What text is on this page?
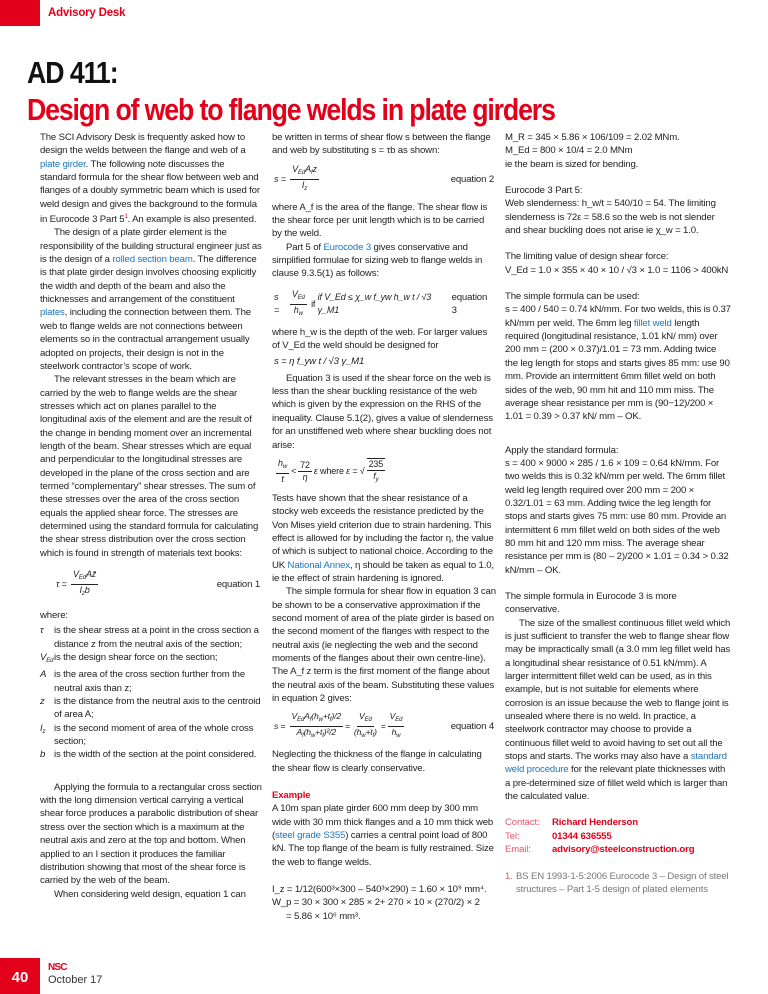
Advisory Desk
AD 411:
Design of web to flange welds in plate girders

The SCI Advisory Desk is frequently asked how to design the welds between the flange and web of a plate girder. The following note discusses the standard formula for the shear flow between web and flanges of a doubly symmetric beam which is used for weld design and gives the background to the formula in Eurocode 3 Part $5^1$. An example is also presented.

The design of a plate girder element is the responsibility of the building structural engineer just as is the design of a rolled section beam. The difference is that plate girder design involves choosing explicitly the width and depth of the beam and also the thicknesses and arrangement of the constituent plates, including the connection between them. The web to flange welds are not connections between elements so in the contractual arrangement usually adopted on projects, their design is not in the steelwork contractor’s scope of work.

The relevant stresses in the beam which are carried by the web to flange welds are the shear stresses which act on planes parallel to the longitudinal axis of the element and are the result of the change in bending moment over an incremental length of the beam. Shear stresses which are equal and perpendicular to the longitudinal stresses are developed in the plane of the cross section and are termed “complementary” shear stresses. The sum of these stresses over the area of the cross section equals the applied shear force. The stresses are determined using the standard formula for calculating the shear stress distribution over the cross section which is found in strength of materials text books:

$\tau = \frac{V_{Ed}Az̄}{I_zb}$	equation 1

where:

τ	is the shear stress at a point in the cross section a distance z from the neutral axis of the section;
$V_{Ed}$ is the design shear force on the section;
A is the area of the cross section further from the neutral axis than z;
z is the distance from the neutral axis to the centroid of area A;
$I_z$ is the second moment of area of the whole cross section;
b is the width of the section at the point considered.

Applying the formula to a rectangular cross section with the long dimension vertical carrying a vertical shear force produces a parabolic distribution of shear stress over the section which is a maximum at the neutral axis and zero at the top and bottom. When applied to an I section it produces the familiar distribution showing that most of the shear force is carried by the web of the beam.

When considering weld design, equation 1 can

be written in terms of shear flow s between the flange and web by substituting s = τb as shown:

$s = \frac{V_{Ed}A_fz}{I_z}$	equation 2

where A_f is the area of the flange. The shear flow is the shear force per unit length which is to be carried by the weld.

Part 5 of Eurocode 3 gives conservative and simplified formulae for sizing web to flange welds in clause 9.3.5(1) as follows:

$s = \frac{V_{Ed}}{h_w}$ if
if V_Ed ≤ χ_w f_yw h_w t / √3 γ_M1
equation 3

where h_w is the depth of the web. For larger values of V_Ed the weld should be designed for

s = η f_yw t / √3 γ_M1

Equation 3 is used if the shear force on the web is less than the shear buckling resistance of the web which is given by the expression on the RHS of the inequality. Clause 5.1(2), gives a value of slenderness for an unstiffened web where shear buckling does not arise:

$\frac{h_w}{t} < \frac{72}{\eta}$ ε where ε = √ $\frac{235}{f_y}$

Tests have shown that the shear resistance of a stocky web exceeds the resistance predicted by the Von Mises yield criterion due to strain hardening. This effect is allowed for by including the factor η, the value of which is subject to national choice. According to the UK National Annex, η should be taken as equal to 1.0, ie the effect of strain hardening is ignored.

The simple formula for shear flow in equation 3 can be shown to be a conservative approximation if the second moment of area of the plate girder is based on the second moment of the flanges with respect to the neutral axis (ie neglecting the web and the second moments of the flanges about their own centre-line). The A_f z term is the first moment of the flange about the neutral axis of the beam. Substituting these values in equation 2 gives:

$s = \frac{V_{Ed}A_f(h_w+t_f)/2}{A_f(h_w+t_f)^2/2} = \frac{V_{Ed}}{(h_w+t_f)} = \frac{V_{Ed}}{h_w}$	equation 4

Neglecting the thickness of the flange in calculating the shear flow is clearly conservative.

Example

A 10m span plate girder 600 mm deep by 300 mm wide with 30 mm thick flanges and a 10 mm thick web (steel grade S355) carries a central point load of 800 kN. The top flange of the beam is fully restrained. Size the web to flange welds.

I_z = 1/12(600³×300 – 540³×290) = 1.60 × 10⁹ mm⁴.

W_p = 30 × 300 × 285 × 2+ 270 × 10 × (270/2) × 2

= 5.86 × 10⁶ mm³.

M_R = 345 × 5.86 × 106/109 = 2.02 MNm.

M_Ed = 800 × 10/4 = 2.0 MNm

ie the beam is sized for bending.

Eurocode 3 Part 5:

Web slenderness: h_w/t = 540/10 = 54. The limiting slenderness is 72ε = 58.6 so the web is not slender and shear buckling does not arise ie χ_w = 1.0.

The limiting value of design shear force:

V_Ed = 1.0 × 355 × 40 × 10 / √3 × 1.0 = 1106 > 400kN

The simple formula can be used:

s = 400 / 540 = 0.74 kN/mm. For two welds, this is 0.37 kN/mm per weld. The 6mm leg fillet weld length required (longitudinal resistance, 1.01 kN/ mm) over 200 mm = (200 × 0.37)/1.01 = 73 mm. Adding twice the leg length for stops and starts gives 85 mm: use 90 mm. Provide an intermittent 6mm fillet weld on both sides of the web, 90 mm hit and 110 mm miss. The average shear resistance per mm is (90−12)/200 × 1.01 = 0.39 > 0.37 kN/ mm – OK.

Apply the standard formula:

s = 400 × 9000 × 285 / 1.6 × 109 = 0.64 kN/mm. For two welds this is 0.32 kN/mm per weld. The 6mm fillet weld leg length required over 200 mm = 200 × 0.32/1.01 = 63 mm. Adding twice the leg length for stops and starts gives 75 mm: use 80 mm. Provide an intermittent 6 mm fillet weld on both sides of the web 80 mm hit and 120 mm miss. The average shear resistance per mm is (80 – 2)/200 × 1.01 = 0.34 > 0.32 kN/mm – OK.

The simple formula in Eurocode 3 is more conservative.

The size of the smallest continuous fillet weld which is just sufficient to transfer the web to flange shear flow may be impractically small (a 3.0 mm leg fillet weld has a longitudinal shear resistance of 0.51 kN/mm). A larger intermittent fillet weld can be used, as in this example, but is not suitable for elements where corrosion is an issue because the web to flange joint is unsealed where there is no weld. In practice, a steelwork contractor may choose to provide a continuous fillet weld to avoid having to set out all the stops and starts. The works may also have a standard weld procedure for the relevant plate thicknesses with a pre-determined size of fillet weld which is larger than the calculated value.

Contact:	Richard Henderson
Tel:	01344 636555
Email:	advisory@steelconstruction.org
1. BS EN 1993-1-5:2006 Eurocode 3 – Design of steel structures – Part 1-5 design of plated elements
40
NSC
October 17
